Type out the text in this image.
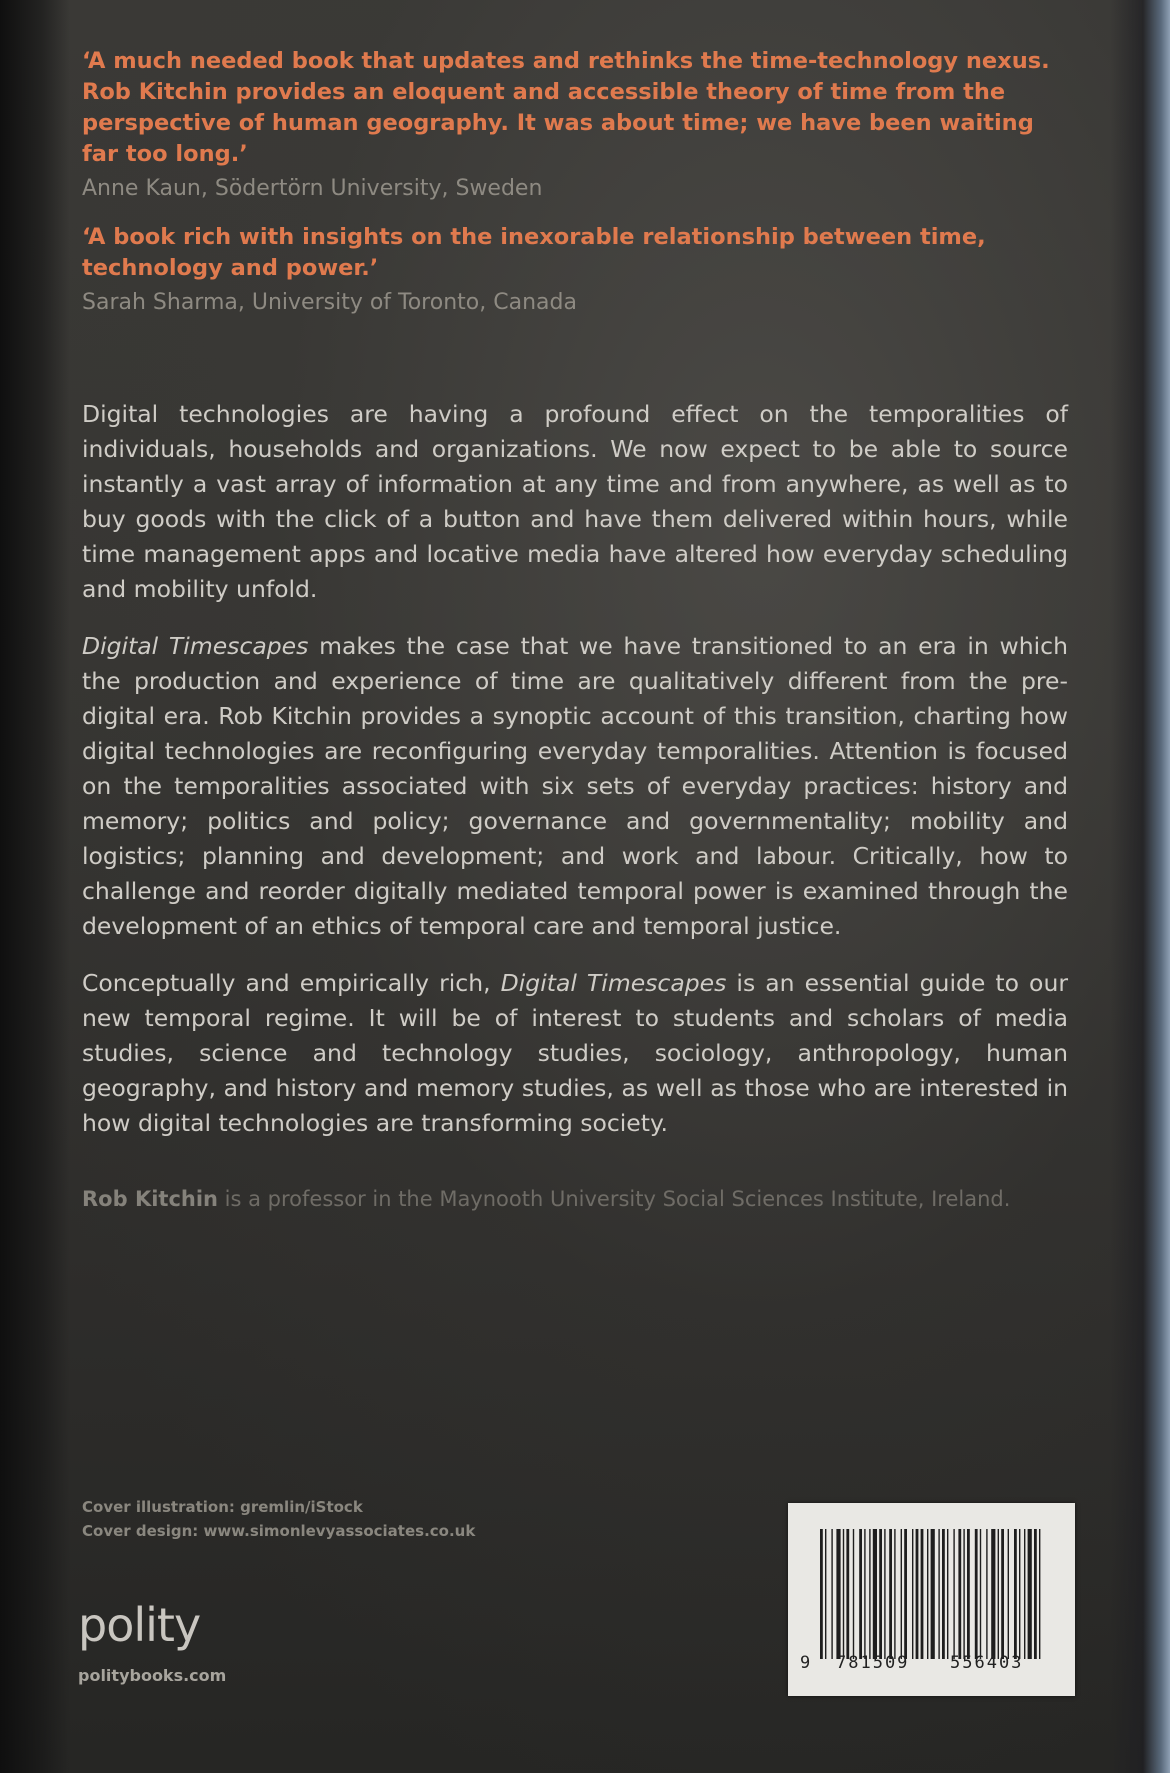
‘A much needed book that updates and rethinks the time-technology nexus. Rob Kitchin provides an eloquent and accessible theory of time from the perspective of human geography. It was about time; we have been waiting far too long.’

Anne Kaun, Södertörn University, Sweden

‘A book rich with insights on the inexorable relationship between time, technology and power.’

Sarah Sharma, University of Toronto, Canada

Digital technologies are having a profound effect on the temporalities of individuals, households and organizations. We now expect to be able to source instantly a vast array of information at any time and from anywhere, as well as to buy goods with the click of a button and have them delivered within hours, while time management apps and locative media have altered how everyday scheduling and mobility unfold.

Digital Timescapes makes the case that we have transitioned to an era in which the production and experience of time are qualitatively different from the pre-digital era. Rob Kitchin provides a synoptic account of this transition, charting how digital technologies are reconfiguring everyday temporalities. Attention is focused on the temporalities associated with six sets of everyday practices: history and memory; politics and policy; governance and governmentality; mobility and logistics; planning and development; and work and labour. Critically, how to challenge and reorder digitally mediated temporal power is examined through the development of an ethics of temporal care and temporal justice.

Conceptually and empirically rich, Digital Timescapes is an essential guide to our new temporal regime. It will be of interest to students and scholars of media studies, science and technology studies, sociology, anthropology, human geography, and history and memory studies, as well as those who are interested in how digital technologies are transforming society.

Rob Kitchin is a professor in the Maynooth University Social Sciences Institute, Ireland.

Cover illustration: gremlin/iStock
Cover design: www.simonlevyassociates.co.uk
polity
politybooks.com
9 781509 556403
